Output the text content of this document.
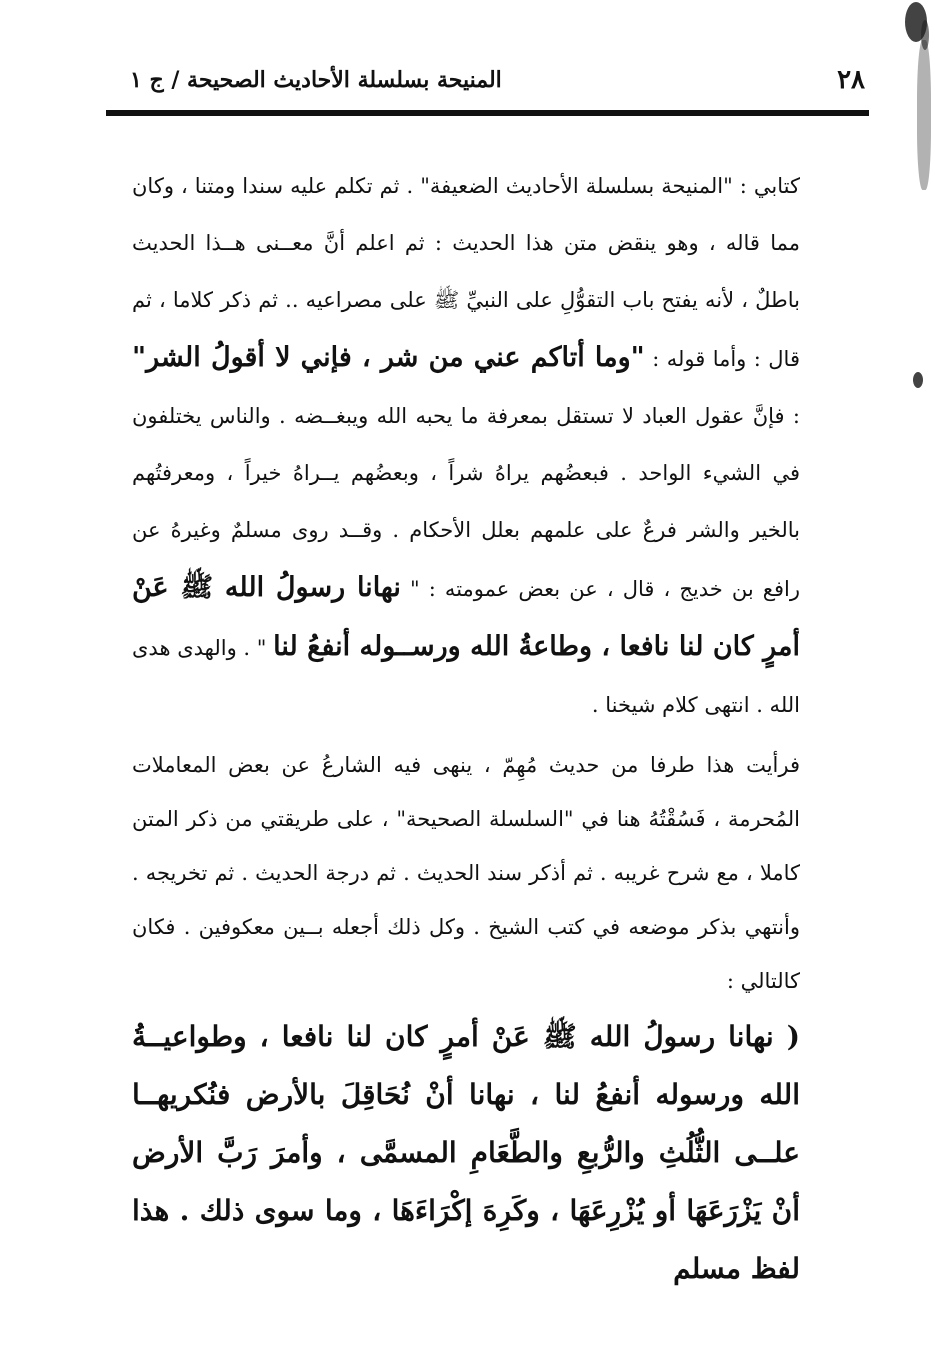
٢٨
المنيحة بسلسلة الأحاديث الصحيحة / ج ١
كتابي : "المنيحة بسلسلة الأحاديث الضعيفة" . ثم تكلم عليه سندا ومتنا ، وكان مما قاله ، وهو ينقض متن هذا الحديث : ثم اعلم أنَّ معــنى هــذا الحديث باطلٌ ، لأنه يفتح باب التقوُّلِ على النبيِّ ﷺ على مصراعيه .. ثم ذكر كلاما ، ثم قال : وأما قوله : "وما أتاكم عني من شر ، فإني لا أقولُ الشر" : فإنَّ عقول العباد لا تستقل بمعرفة ما يحبه الله ويبغــضه . والناس يختلفون في الشيء الواحد . فبعضُهم يراهُ شراً ، وبعضُهم يــراهُ خيراً ، ومعرفتُهم بالخير والشر فرعٌ على علمهم بعلل الأحكام . وقــد روى مسلمٌ وغيرهُ عن رافع بن خديج ، قال ، عن بعض عمومته : " نهانا رسولُ الله ﷺ عَنْ أمرٍ كان لنا نافعا ، وطاعةُ الله ورســوله أنفعُ لنا " . والهدى هدى الله . انتهى كلام شيخنا .
فرأيت هذا طرفا من حديث مُهِمّ ، ينهى فيه الشارعُ عن بعض المعاملات المُحرمة ، فَسُقْتُهُ هنا في "السلسلة الصحيحة" ، على طريقتي من ذكر المتن كاملا ، مع شرح غريبه . ثم أذكر سند الحديث . ثم درجة الحديث . ثم تخريجه . وأنتهي بذكر موضعه في كتب الشيخ . وكل ذلك أجعله بــين معكوفين . فكان كالتالي :
( نهانا رسولُ الله ﷺ عَنْ أمرٍ كان لنا نافعا ، وطواعيــةُ الله ورسوله أنفعُ لنا ، نهانا أنْ نُحَاقِلَ بالأرض فنُكريهــا علــى الثُّلُثِ والرُّبعِ والطَّعَامِ المسمَّى ، وأمرَ رَبَّ الأرض أنْ يَزْرَعَهَا أو يُزْرِعَهَا ، وكَرِهَ إكْرَاءَهَا ، وما سوى ذلك . هذا لفظ مسلم
